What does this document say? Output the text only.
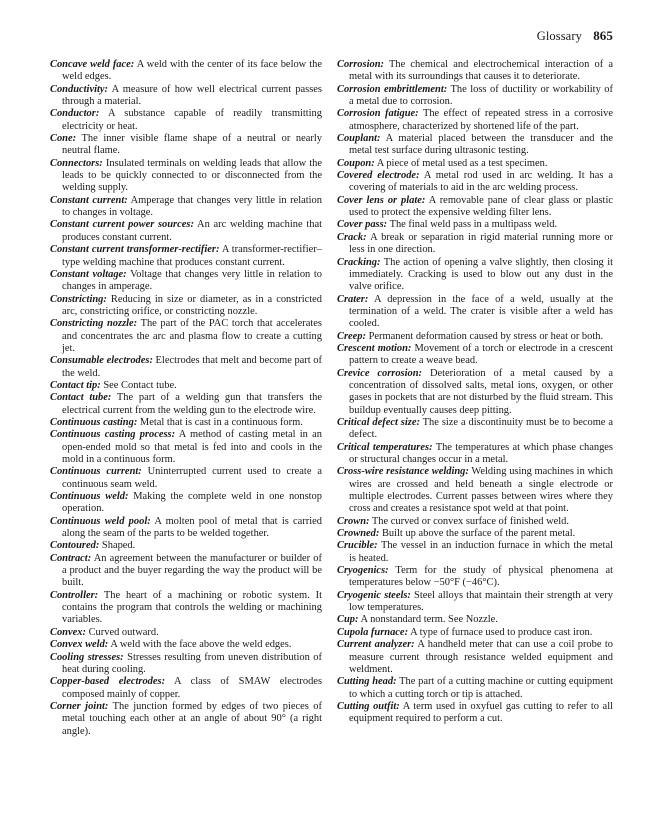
Glossary 865

Concave weld face: A weld with the center of its face below the weld edges.

Conductivity: A measure of how well electrical current passes through a material.

Conductor: A substance capable of readily transmitting electricity or heat.

Cone: The inner visible flame shape of a neutral or nearly neutral flame.

Connectors: Insulated terminals on welding leads that allow the leads to be quickly connected to or disconnected from the welding supply.

Constant current: Amperage that changes very little in relation to changes in voltage.

Constant current power sources: An arc welding machine that produces constant current.

Constant current transformer-rectifier: A transformer-rectifier–type welding machine that produces constant current.

Constant voltage: Voltage that changes very little in relation to changes in amperage.

Constricting: Reducing in size or diameter, as in a constricted arc, constricting orifice, or constricting nozzle.

Constricting nozzle: The part of the PAC torch that accelerates and concentrates the arc and plasma flow to create a cutting jet.

Consumable electrodes: Electrodes that melt and become part of the weld.

Contact tip: See Contact tube.

Contact tube: The part of a welding gun that transfers the electrical current from the welding gun to the electrode wire.

Continuous casting: Metal that is cast in a continuous form.

Continuous casting process: A method of casting metal in an open-ended mold so that metal is fed into and cools in the mold in a continuous form.

Continuous current: Uninterrupted current used to create a continuous seam weld.

Continuous weld: Making the complete weld in one nonstop operation.

Continuous weld pool: A molten pool of metal that is carried along the seam of the parts to be welded together.

Contoured: Shaped.

Contract: An agreement between the manufacturer or builder of a product and the buyer regarding the way the product will be built.

Controller: The heart of a machining or robotic system. It contains the program that controls the welding or machining variables.

Convex: Curved outward.

Convex weld: A weld with the face above the weld edges.

Cooling stresses: Stresses resulting from uneven distribution of heat during cooling.

Copper-based electrodes: A class of SMAW electrodes composed mainly of copper.

Corner joint: The junction formed by edges of two pieces of metal touching each other at an angle of about 90° (a right angle).

Corrosion: The chemical and electrochemical interaction of a metal with its surroundings that causes it to deteriorate.

Corrosion embrittlement: The loss of ductility or workability of a metal due to corrosion.

Corrosion fatigue: The effect of repeated stress in a corrosive atmosphere, characterized by shortened life of the part.

Couplant: A material placed between the transducer and the metal test surface during ultrasonic testing.

Coupon: A piece of metal used as a test specimen.

Covered electrode: A metal rod used in arc welding. It has a covering of materials to aid in the arc welding process.

Cover lens or plate: A removable pane of clear glass or plastic used to protect the expensive welding filter lens.

Cover pass: The final weld pass in a multipass weld.

Crack: A break or separation in rigid material running more or less in one direction.

Cracking: The action of opening a valve slightly, then closing it immediately. Cracking is used to blow out any dust in the valve orifice.

Crater: A depression in the face of a weld, usually at the termination of a weld. The crater is visible after a weld has cooled.

Creep: Permanent deformation caused by stress or heat or both.

Crescent motion: Movement of a torch or electrode in a crescent pattern to create a weave bead.

Crevice corrosion: Deterioration of a metal caused by a concentration of dissolved salts, metal ions, oxygen, or other gases in pockets that are not disturbed by the fluid stream. This buildup eventually causes deep pitting.

Critical defect size: The size a discontinuity must be to become a defect.

Critical temperatures: The temperatures at which phase changes or structural changes occur in a metal.

Cross-wire resistance welding: Welding using machines in which wires are crossed and held beneath a single electrode or multiple electrodes. Current passes between wires where they cross and creates a resistance spot weld at that point.

Crown: The curved or convex surface of finished weld.

Crowned: Built up above the surface of the parent metal.

Crucible: The vessel in an induction furnace in which the metal is heated.

Cryogenics: Term for the study of physical phenomena at temperatures below −50°F (−46°C).

Cryogenic steels: Steel alloys that maintain their strength at very low temperatures.

Cup: A nonstandard term. See Nozzle.

Cupola furnace: A type of furnace used to produce cast iron.

Current analyzer: A handheld meter that can use a coil probe to measure current through resistance welded equipment and weldment.

Cutting head: The part of a cutting machine or cutting equipment to which a cutting torch or tip is attached.

Cutting outfit: A term used in oxyfuel gas cutting to refer to all equipment required to perform a cut.
